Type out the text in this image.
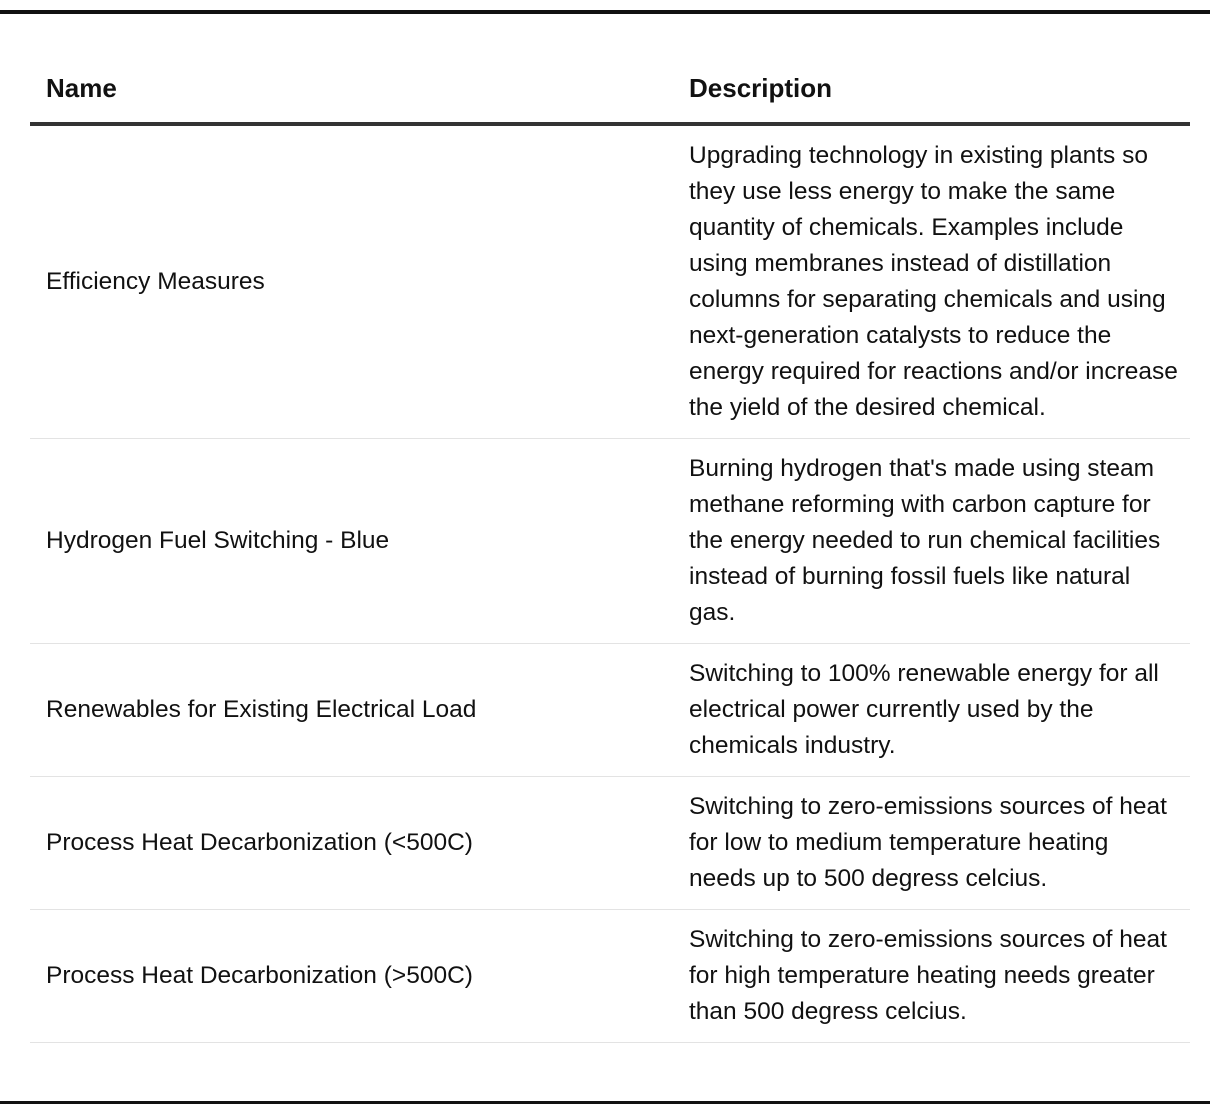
Name	Description
Efficiency Measures	Upgrading technology in existing plants so they use less energy to make the same quantity of chemicals. Examples include using membranes instead of distillation columns for separating chemicals and using next-generation catalysts to reduce the energy required for reactions and/or increase the yield of the desired chemical.
Hydrogen Fuel Switching - Blue	Burning hydrogen that's made using steam methane reforming with carbon capture for the energy needed to run chemical facilities instead of burning fossil fuels like natural gas.
Renewables for Existing Electrical Load	Switching to 100% renewable energy for all electrical power currently used by the chemicals industry.
Process Heat Decarbonization (<500C)	Switching to zero-emissions sources of heat for low to medium temperature heating needs up to 500 degress celcius.
Process Heat Decarbonization (>500C)	Switching to zero-emissions sources of heat for high temperature heating needs greater than 500 degress celcius.
